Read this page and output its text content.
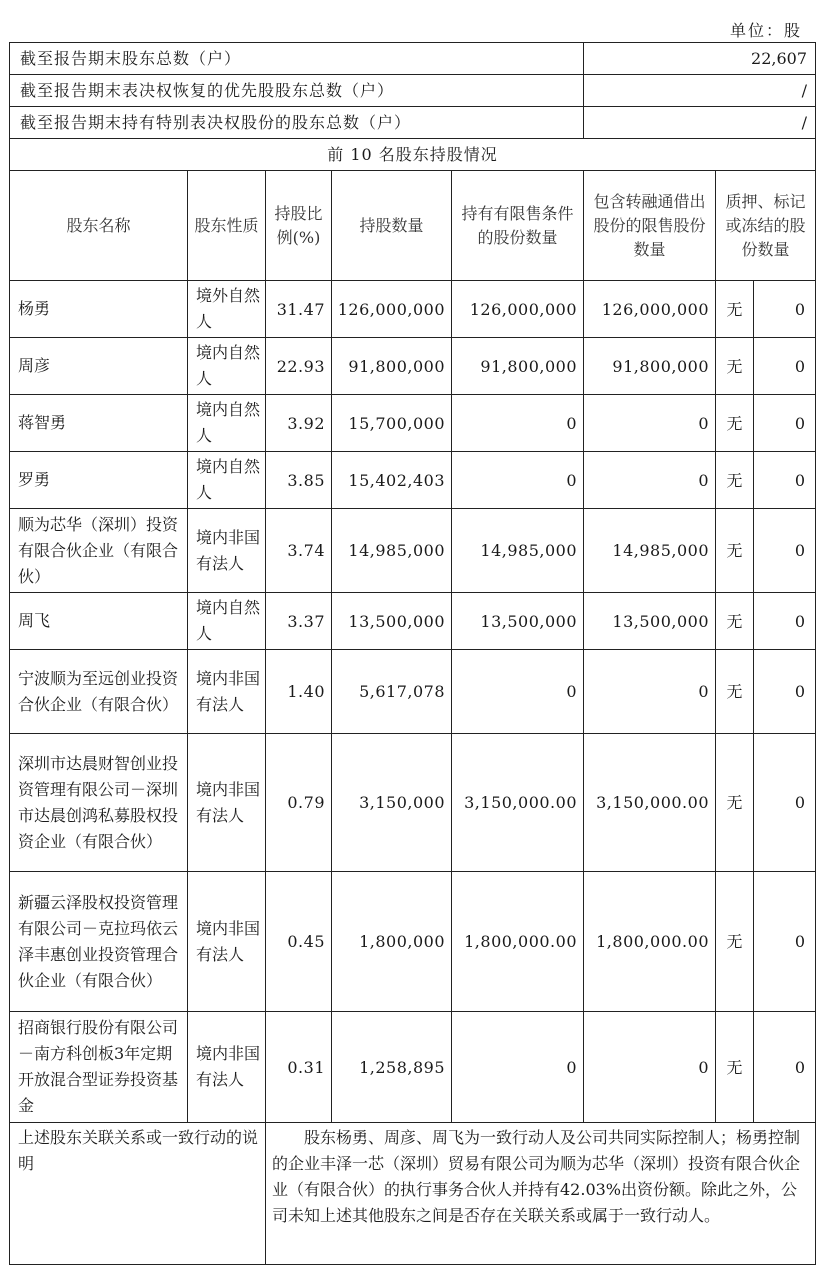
单位：股
截至报告期末股东总数（户）					22,607		
截至报告期末表决权恢复的优先股股东总数（户）					/		
截至报告期末持有特别表决权股份的股东总数（户）					/		
前 10 名股东持股情况							
股东名称	股东性质	持股比例(%)	持股数量	持有有限售条件的股份数量	包含转融通借出股份的限售股份数量	质押、标记或冻结的股份数量	
杨勇	境外自然人	31.47	126,000,000	126,000,000	126,000,000	无	0
周彦	境内自然人	22.93	91,800,000	91,800,000	91,800,000	无	0
蒋智勇	境内自然人	3.92	15,700,000	0	0	无	0
罗勇	境内自然人	3.85	15,402,403	0	0	无	0
顺为芯华（深圳）投资有限合伙企业（有限合伙）	境内非国有法人	3.74	14,985,000	14,985,000	14,985,000	无	0
周飞	境内自然人	3.37	13,500,000	13,500,000	13,500,000	无	0
宁波顺为至远创业投资合伙企业（有限合伙）	境内非国有法人	1.40	5,617,078	0	0	无	0
深圳市达晨财智创业投资管理有限公司－深圳市达晨创鸿私募股权投资企业（有限合伙）	境内非国有法人	0.79	3,150,000	3,150,000.00	3,150,000.00	无	0
新疆云泽股权投资管理有限公司－克拉玛依云泽丰惠创业投资管理合伙企业（有限合伙）	境内非国有法人	0.45	1,800,000	1,800,000.00	1,800,000.00	无	0
招商银行股份有限公司－南方科创板3年定期开放混合型证券投资基金	境内非国有法人	0.31	1,258,895	0	0	无	0
上述股东关联关系或一致行动的说明		股东杨勇、周彦、周飞为一致行动人及公司共同实际控制人；杨勇控制的企业丰泽一芯（深圳）贸易有限公司为顺为芯华（深圳）投资有限合伙企业（有限合伙）的执行事务合伙人并持有42.03%出资份额。除此之外，公司未知上述其他股东之间是否存在关联关系或属于一致行动人。					
